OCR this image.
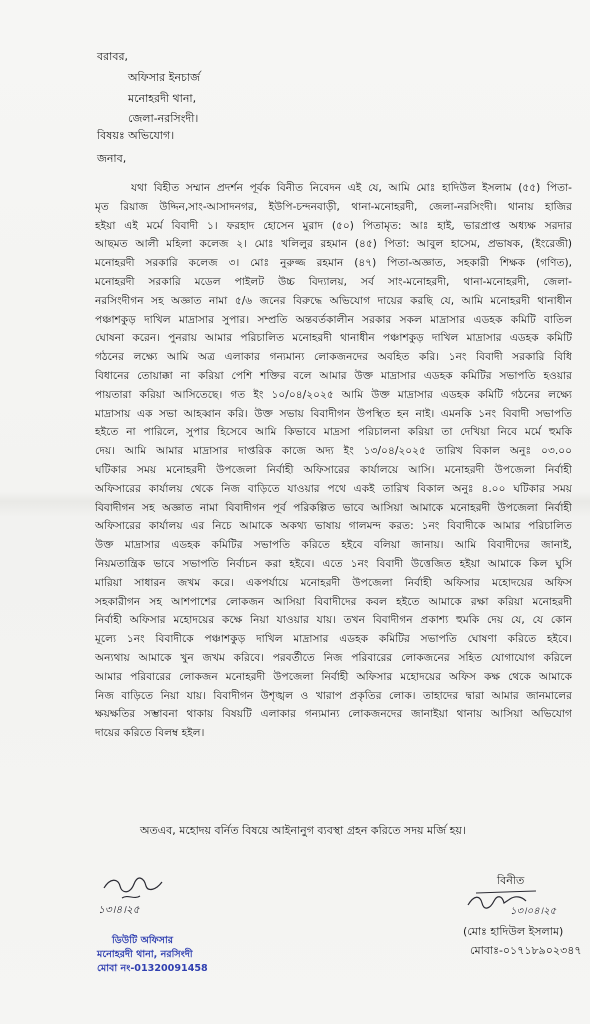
বরাবর,
অফিসার ইনচার্জ
মনোহরদী থানা,
জেলা-নরসিংদী।
বিষয়ঃ অভিযোগ।
জনাব,
যথা বিহীত সম্মান প্রদর্শন পূর্বক বিনীত নিবেদন এই যে, আমি মোঃ হাদিউল ইসলাম (৫৫) পিতা-
মৃত রিয়াজ উদ্দিন,সাং-আসাদনগর, ইউপি-চন্দনবাড়ী, থানা-মনোহরদী, জেলা-নরসিংদী। থানায় হাজির
হইয়া এই মর্মে বিবাদী ১। ফরহাদ হোসেন মুরাদ (৫০) পিতামৃত: আঃ হাই, ভারপ্রাপ্ত অধ্যক্ষ সরদার
আছমত আলী মহিলা কলেজ ২। মোঃ খলিলুর রহমান (৪৫) পিতা: আবুল হাসেম, প্রভাষক, (ইংরেজী)
মনোহরদী সরকারি কলেজ ৩। মোঃ নুরুজ্জ রহমান (৪৭) পিতা-অজ্ঞাত, সহকারী শিক্ষক (গণিত),
মনোহরদী সরকারি মডেল পাইলট উচ্চ বিদ্যালয়, সর্ব সাং-মনোহরদী, থানা-মনোহরদী, জেলা-
নরসিংদীগন সহ অজ্ঞাত নামা ৫/৬ জনের বিরুদ্ধে অভিযোগ দায়ের করছি যে, আমি মনোহরদী থানাধীন
পঞ্চাশকুড় দাখিল মাদ্রাসার সুপার। সম্প্রতি অন্তবর্তকালীন সরকার সকল মাদ্রাসার এডহক কমিটি বাতিল
ঘোষনা করেন। পুনরায় আমার পরিচালিত মনোহরদী থানাধীন পঞ্চাশকুড় দাখিল মাদ্রাসার এডহক কমিটি
গঠনের লক্ষ্যে আমি অত্র এলাকার গন্যমান্য লোকজনদের অবহিত করি। ১নং বিবাদী সরকারি বিধি
বিধানের তোয়াক্কা না করিয়া পেশি শক্তির বলে আমার উক্ত মাদ্রাসার এডহক কমিটির সভাপতি হওয়ার
পায়তারা করিয়া আসিতেছে। গত ইং ১০/০৪/২০২৫ আমি উক্ত মাদ্রাসার এডহক কমিটি গঠনের লক্ষ্যে
মাদ্রাসায় এক সভা আহব্বান করি। উক্ত সভায় বিবাদীগন উপস্থিত হন নাই। এমনকি ১নং বিবাদী সভাপতি
হইতে না পারিলে, সুপার হিসেবে আমি কিভাবে মাদ্রসা পরিচালনা করিয়া তা দেখিয়া নিবে মর্মে হুমকি
দেয়। আমি আমার মাদ্রাসার দাপ্তরিক কাজে অদ্য ইং ১৩/০৪/২০২৫ তারিখ বিকাল অনুঃ ০৩.০০
ঘটিকার সময় মনোহরদী উপজেলা নির্বাহী অফিসারের কার্যালয়ে আসি। মনোহরদী উপজেলা নির্বাহী
অফিসারের কার্যালয় থেকে নিজ বাড়িতে যাওয়ার পথে একই তারিখ বিকাল অনুঃ ৪.০০ ঘটিকার সময়
বিবাদীগন সহ অজ্ঞাত নামা বিবাদীগন পূর্ব পরিকল্পিত ভাবে আসিয়া আমাকে মনোহরদী উপজেলা নির্বাহী
অফিসারের কার্যালয় এর নিচে আমাকে অকথ্য ভাষায় গালমন্দ করত: ১নং বিবাদীকে আমার পরিচালিত
উক্ত মাদ্রাসার এডহক কমিটির সভাপতি করিতে হইবে বলিয়া জানায়। আমি বিবাদীদের জানাই,
নিয়মতান্ত্রিক ভাবে সভাপতি নির্বাচন করা হইবে। এতে ১নং বিবাদী উত্তেজিত হইয়া আমাকে কিল ঘুসি
মারিয়া সাধারন জখম করে। একপর্যায়ে মনোহরদী উপজেলা নির্বাহী অফিসার মহোদয়ের অফিস
সহকারীগন সহ আশপাশের লোকজন আসিয়া বিবাদীদের কবল হইতে আমাকে রক্ষা করিয়া মনোহরদী
নির্বাহী অফিসার মহোদয়ের কক্ষে নিয়া যাওয়ার যায়। তখন বিবাদীগন প্রকাশ্য হুমকি দেয় যে, যে কোন
মূল্যে ১নং বিবাদীকে পঞ্চাশকুড় দাখিল মাদ্রাসার এডহক কমিটির সভাপতি ঘোষণা করিতে হইবে।
অন্যথায় আমাকে খুন জখম করিবে। পরবর্তীতে নিজ পরিবারের লোকজনের সহিত যোগাযোগ করিলে
আমার পরিবারের লোকজন মনোহরদী উপজেলা নির্বাহী অফিসার মহোদয়ের অফিস কক্ষ থেকে আমাকে
নিজ বাড়িতে নিয়া যায়। বিবাদীগন উশৃঙ্খল ও খারাপ প্রকৃতির লোক। তাহাদের দ্বারা আমার জানমালের
ক্ষয়ক্ষতির সম্ভাবনা থাকায় বিষয়টি এলাকার গন্যমান্য লোকজনদের জানাইয়া থানায় আসিয়া অভিযোগ
দায়ের করিতে বিলম্ব হইল।
অতএব, মহোদয় বর্নিত বিষয়ে আইনানুগ ব্যবস্থা গ্রহন করিতে সদয় মর্জি হয়।
১৩।৪।২৫
ডিউটি অফিসার
মনোহরদী থানা, নরসিংদী
মোবা নং-01320091458
বিনীত
১৩।০৪।২৫
(মোঃ হাদিউল ইসলাম)
মোবাঃ-০১৭১৮৯০২৩৪৭
